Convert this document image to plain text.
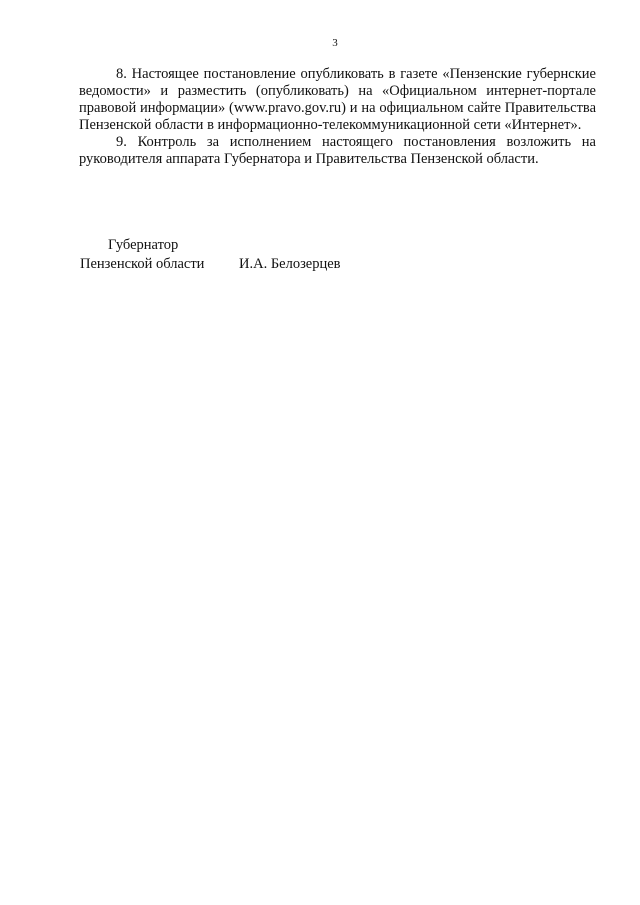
3

8. Настоящее постановление опубликовать в газете «Пензенские губернские ведомости» и разместить (опубликовать) на «Официальном интернет-портале правовой информации» (www.pravo.gov.ru) и на официальном сайте Правительства Пензенской области в информационно-телекоммуникационной сети «Интернет».

9. Контроль за исполнением настоящего постановления возложить на руководителя аппарата Губернатора и Правительства Пензенской области.

Губернатор
Пензенской области И.А. Белозерцев
